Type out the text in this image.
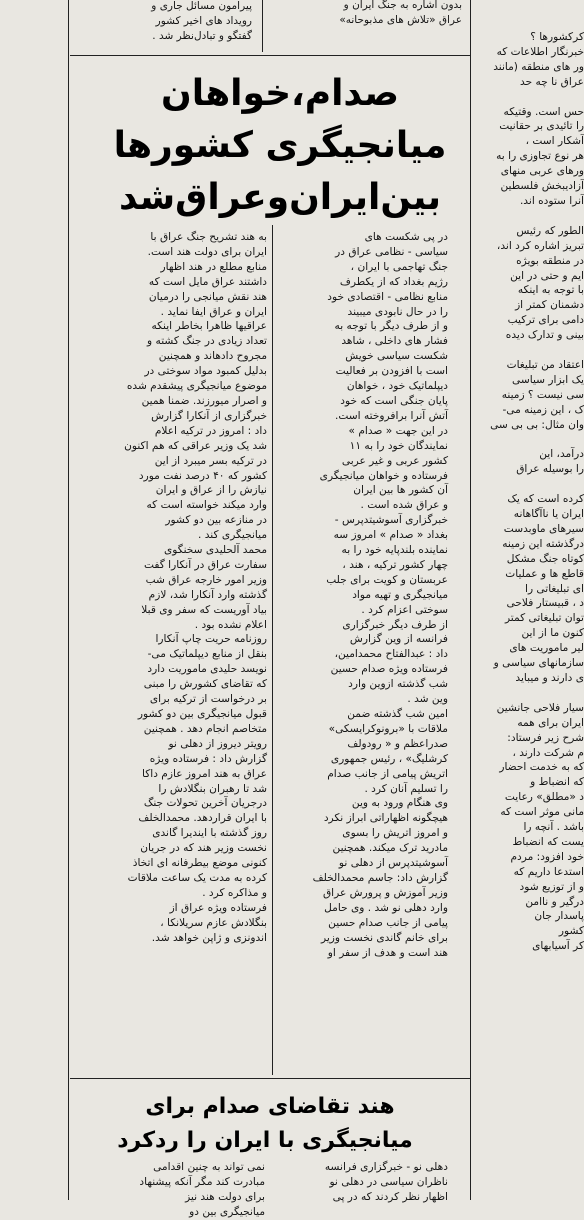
پیرامون مسائل جاری و
رویداد های اخیر کشور
گفتگو و تبادل‌نظر شد .
بدون اشاره به جنگ ایران و
عراق «تلاش های مذبوحانه»
صدام،خواهان
میانجیگری کشورها
بین‌ایران‌وعراق‌شد
به هند تشریح جنگ عراق با
ایران برای دولت هند است.
منابع مطلع در هند اظهار
داشتند عراق مایل است که
هند نقش میانجی را درمیان
ایران و عراق ایفا نماید .
عراقیها ظاهرا بخاطر اینکه
تعداد زیادی در جنگ کشته و
مجروح دادهاند و همچنین
بدلیل کمبود مواد سوختی در
موضوع میانجیگری پیشقدم شده
و اصرار میورزند. ضمنا همین
خبرگزاری از آنکارا گزارش
داد : امروز در ترکیه اعلام
شد یک وزیر عراقی که هم اکنون
در ترکیه بسر میبرد از این
کشور که ۴۰ درصد نفت مورد
نیازش را از عراق و ایران
وارد میکند خواسته است که
در منازعه بین دو کشور
میانجیگری کند .
محمد آلحلیدی سخنگوی
سفارت عراق در آنکارا گفت
وزیر امور خارجه عراق شب
گذشته وارد آنکارا شد، لازم
بیاد آوریست که سفر وی قبلا
اعلام نشده بود .
روزنامه حریت چاپ آنکارا
بنقل از منابع دیپلماتیک می-
نویسد حلیدی ماموریت دارد
که تقاضای کشورش را مبنی
بر درخواست از ترکیه برای
قبول میانجیگری بین دو کشور
متخاصم انجام دهد . همچنین
رویتر دیروز از دهلی نو
گزارش داد : فرستاده ویژه
عراق به هند امروز عازم داکا
شد تا رهبران بنگلادش را
درجریان آخرین تحولات جنگ
با ایران قراردهد. محمدالخلف
روز گذشته با ایندیرا گاندی
نخست وزیر هند که در جریان
کنونی موضع بیطرفانه ای اتخاذ
کرده به مدت یک ساعت ملاقات
و مذاکره کرد .
فرستاده ویژه عراق از
بنگلادش عازم سریلانکا ،
اندونزی و ژاپن خواهد شد.
در پی شکست های
سیاسی - نظامی عراق در
جنگ تهاجمی با ایران ،
رژیم بغداد که از یکطرف
منابع نظامی - اقتصادی خود
را در حال نابودی میبیند
و از طرف دیگر با توجه به
فشار های داخلی ، شاهد
شکست سیاسی خویش
است با افزودن بر فعالیت
دیپلماتیک خود ، خواهان
پایان جنگی است که خود
آتش آنرا برافروخته است.
در این جهت « صدام »
نمایندگان خود را به ۱۱
کشور عربی و غیر عربی
فرستاده و خواهان میانجیگری
آن کشور ها بین ایران
و عراق شده است .
خبرگزاری آسوشیتدپرس -
بغداد « صدام » امروز سه
نماینده بلندپایه خود را به
چهار کشور ترکیه ، هند ،
عربستان و کویت برای جلب
میانجیگری و تهیه مواد
سوختی اعزام کرد .
از طرف دیگر خبرگزاری
فرانسه از وین گزارش
داد : عبدالفتاح محمدامین،
فرستاده ویژه صدام حسین
شب گذشته ازوین وارد
وین شد .
امین شب گذشته ضمن
ملاقات با «برونوکرایسکی»
صدراعظم و « رودولف
کرشلیگ» ، رئیس جمهوری
اتریش پیامی از جانب صدام
را تسلیم آنان کرد .
وی هنگام ورود به وین
هیچگونه اظهاراتی ابراز نکرد
و امروز اتریش را بسوی
مادرید ترک میکند. همچنین
آسوشیتدپرس از دهلی نو
گزارش داد: جاسم محمدالخلف
وزیر آموزش و پرورش عراق
وارد دهلی نو شد . وی حامل
پیامی از جانب صدام حسین
برای خانم گاندی نخست وزیر
هند است و هدف از سفر او
کرکشورها ؟
خبرنگار اطلاعات که
ور های منطقه (مانند
عراق نا چه حد

حس است. وقتیکه
را تائیدی بر حقانیت
آشکار است ،
هر نوع تجاوزی را به
ورهای عربی منهای
آزادیبخش فلسطین
آنرا ستوده اند.

الطور که رئیس
تبریز اشاره کرد اند،
در منطقه بویژه
ایم و حتی در این
با توجه به اینکه
دشمنان کمتر از
دامی برای ترکیب
بینی و تدارک دیده

اعتقاد من تبلیغات
یک ابزار سیاسی
سی نیست ؟ زمینه
ک ، این زمینه می-
وان مثال: بی بی سی

درآمد، این
را بوسیله عراق

کرده است که یک
ایران یا ناآگاهانه
سیرهای ماوبدست
درگذشته این زمینه
کوتاه جنگ مشکل
قاطع ها و عملیات
ای تبلیغاتی را
د ، قبیستار فلاحی
توان تبلیغاتی کمتر
کنون ما از این
لیر ماموریت های
سازمانهای سیاسی و
ی دارند و میباید

سیار فلاحی جانشین
ایران برای همه
شرح زیر فرستاد:
م شرکت دارند ،
که به خدمت احضار
که انضباط و
د «مطلق» رعایت
مانی موثر است که
باشد . آنچه را
یست که انضباط
خود افزود: مردم
استدعا داریم که
و از توزیع شود
درگیر و ناامن
پاسدار جان
کشور
کر آسیابهای
هند تقاضای صدام برای
میانجیگری با ایران را ردکرد
نمی تواند به چنین اقدامی
مبادرت کند مگر آنکه پیشنهاد
برای دولت هند نیز
میانجیگری بین دو
دهلی نو - خبرگزاری فرانسه
ناظران سیاسی در دهلی نو
اظهار نظر کردند که در پی
